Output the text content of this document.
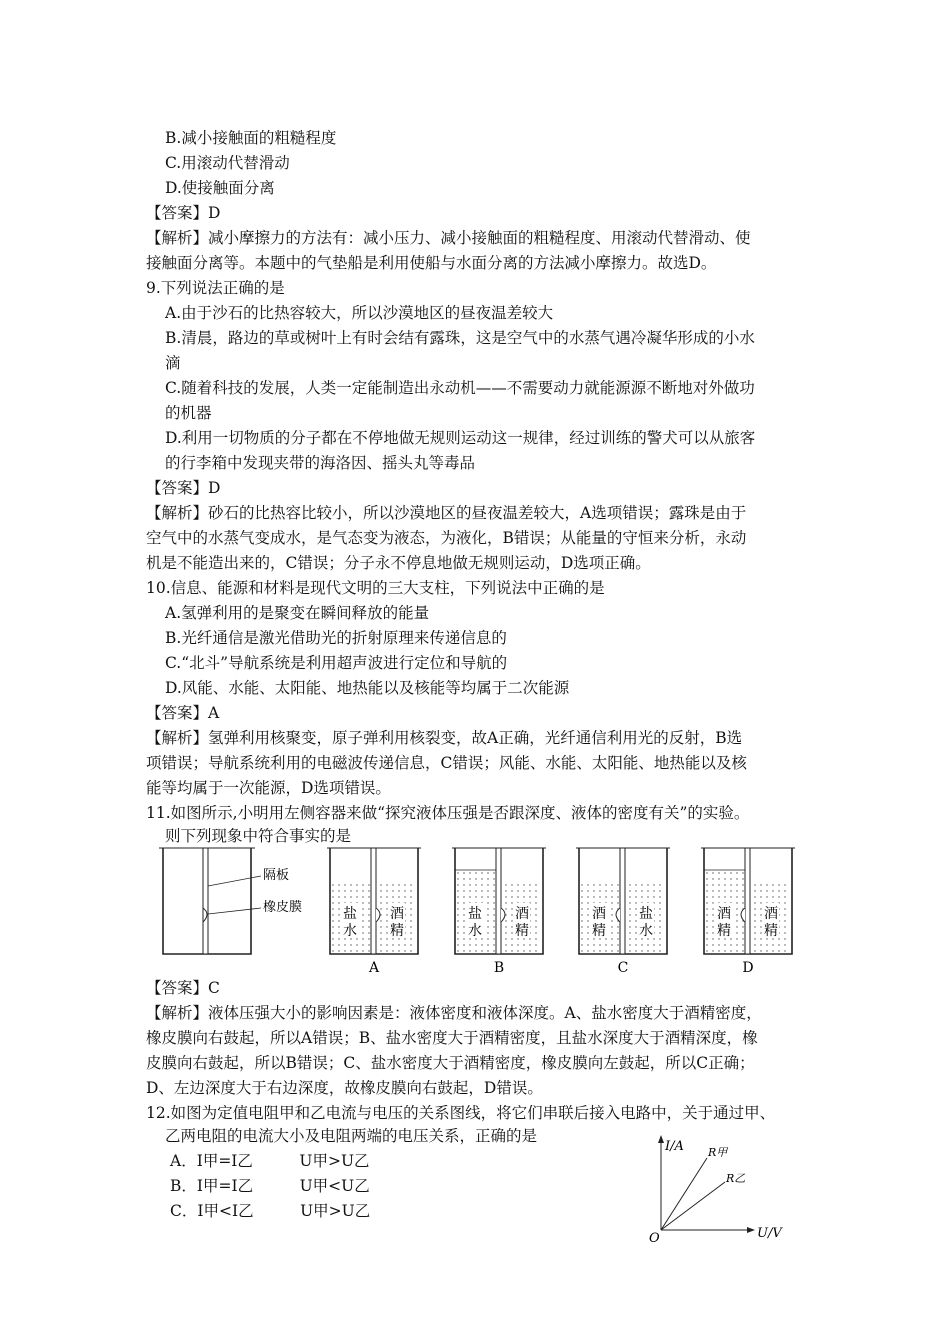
B.减小接触面的粗糙程度
C.用滚动代替滑动
D.使接触面分离
【答案】D
【解析】减小摩擦力的方法有：减小压力、减小接触面的粗糙程度、用滚动代替滑动、使
接触面分离等。本题中的气垫船是利用使船与水面分离的方法减小摩擦力。故选D。
9.下列说法正确的是
A.由于沙石的比热容较大，所以沙漠地区的昼夜温差较大
B.清晨，路边的草或树叶上有时会结有露珠，这是空气中的水蒸气遇冷凝华形成的小水
滴
C.随着科技的发展，人类一定能制造出永动机——不需要动力就能源源不断地对外做功
的机器
D.利用一切物质的分子都在不停地做无规则运动这一规律，经过训练的警犬可以从旅客
的行李箱中发现夹带的海洛因、摇头丸等毒品
【答案】D
【解析】砂石的比热容比较小，所以沙漠地区的昼夜温差较大，A选项错误；露珠是由于
空气中的水蒸气变成水，是气态变为液态，为液化，B错误；从能量的守恒来分析，永动
机是不能造出来的，C错误；分子永不停息地做无规则运动，D选项正确。
10.信息、能源和材料是现代文明的三大支柱，下列说法中正确的是
A.氢弹利用的是聚变在瞬间释放的能量
B.光纤通信是激光借助光的折射原理来传递信息的
C.“北斗”导航系统是利用超声波进行定位和导航的
D.风能、水能、太阳能、地热能以及核能等均属于二次能源
【答案】A
【解析】氢弹利用核聚变，原子弹利用核裂变，故A正确，光纤通信利用光的反射，B选
项错误；导航系统利用的电磁波传递信息，C错误；风能、水能、太阳能、地热能以及核
能等均属于一次能源，D选项错误。
11.如图所示,小明用左侧容器来做“探究液体压强是否跟深度、液体的密度有关”的实验。
则下列现象中符合事实的是
隔板
橡皮膜	盐
水
酒
精
A
盐
水
酒
精
B
酒
精
盐
水
C
酒
精
酒
精
D
【答案】C
【解析】液体压强大小的影响因素是：液体密度和液体深度。A、盐水密度大于酒精密度，
橡皮膜向右鼓起，所以A错误；B、盐水密度大于酒精密度，且盐水深度大于酒精深度，橡
皮膜向右鼓起，所以B错误；C、盐水密度大于酒精密度，橡皮膜向左鼓起，所以C正确；
D、左边深度大于右边深度，故橡皮膜向右鼓起，D错误。
12.如图为定值电阻甲和乙电流与电压的关系图线，将它们串联后接入电路中，关于通过甲、
乙两电阻的电流大小及电阻两端的电压关系，正确的是
A．I甲=I乙　　　U甲>U乙
B．I甲=I乙　　　U甲<U乙
C．I甲<I乙　　　U甲>U乙
I/A
U/V
O
R甲
R乙
